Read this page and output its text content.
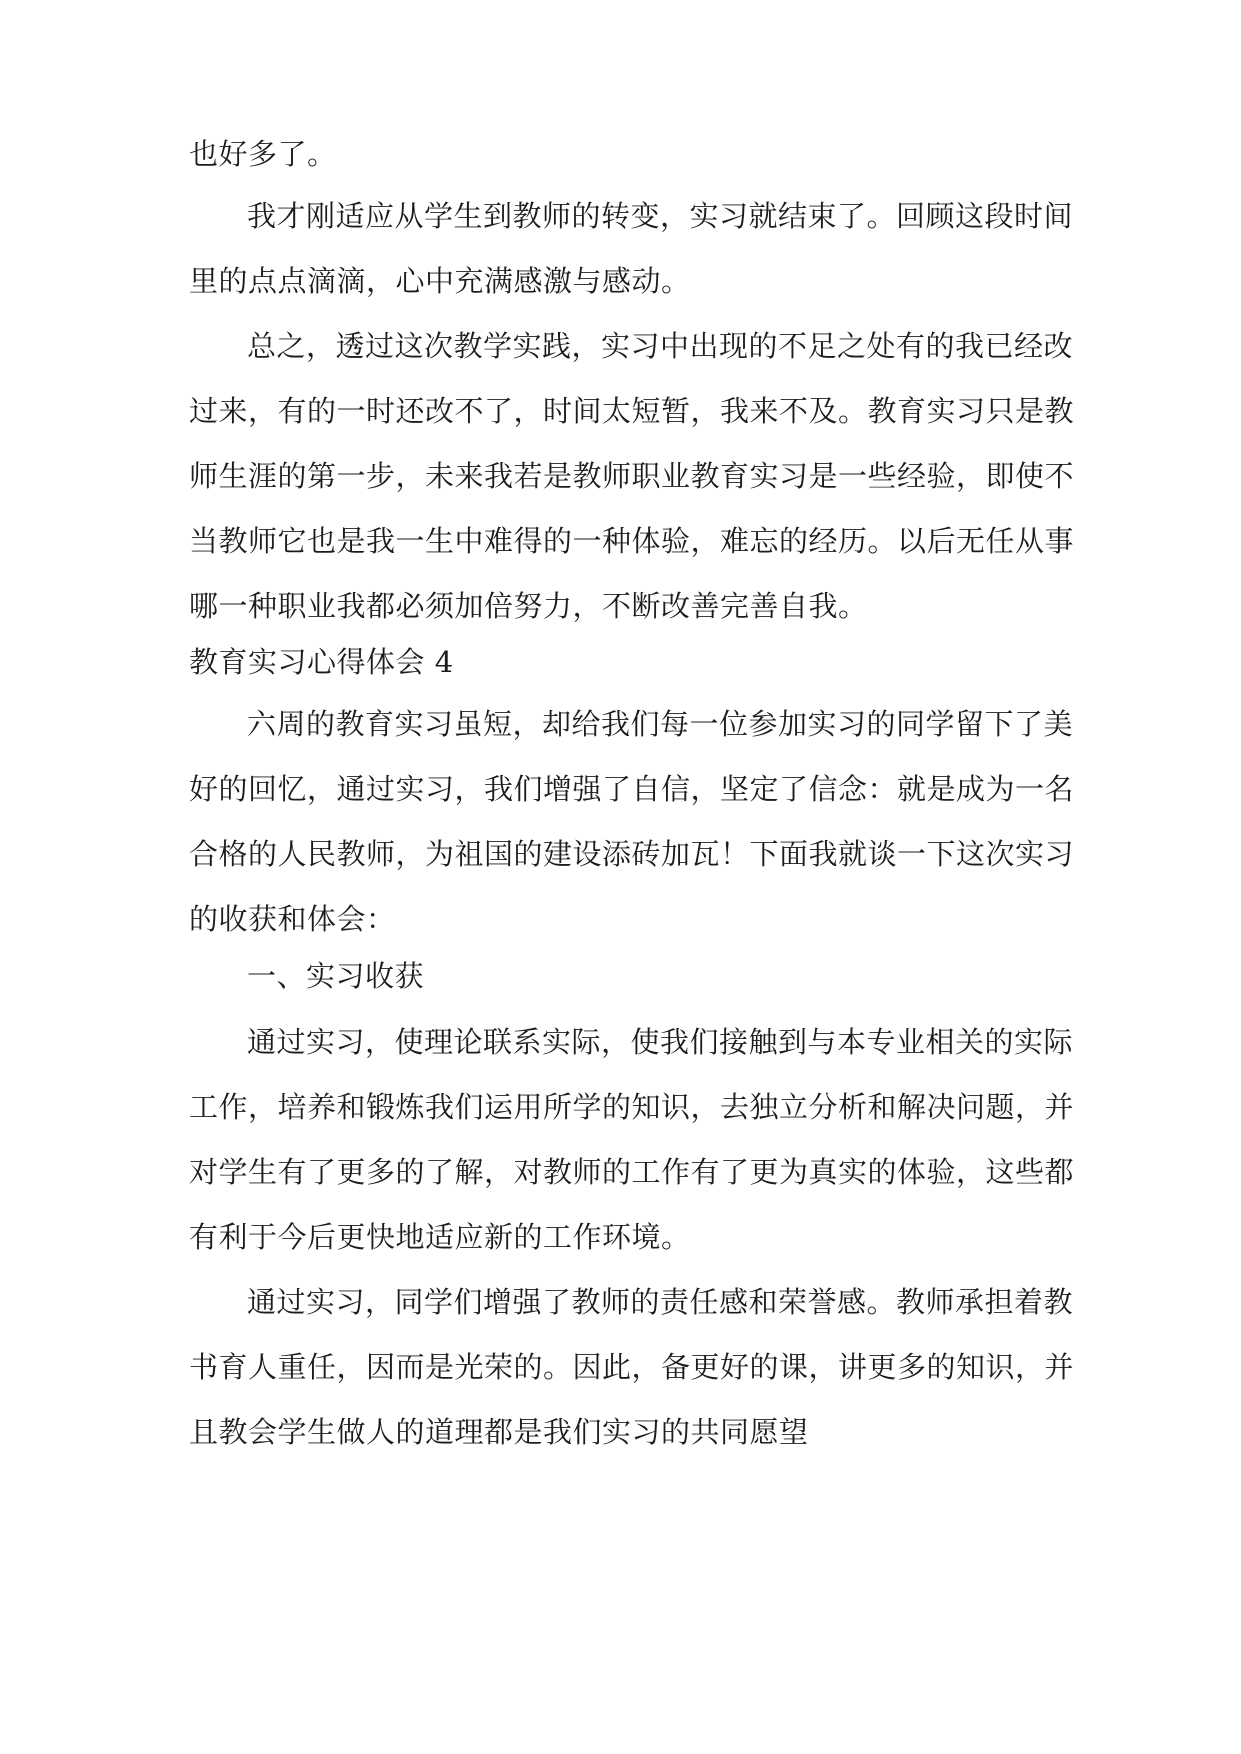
也好多了。
我才刚适应从学生到教师的转变，实习就结束了。回顾这段时间
里的点点滴滴，心中充满感激与感动。
总之，透过这次教学实践，实习中出现的不足之处有的我已经改
过来，有的一时还改不了，时间太短暂，我来不及。教育实习只是教
师生涯的第一步，未来我若是教师职业教育实习是一些经验，即使不
当教师它也是我一生中难得的一种体验，难忘的经历。以后无任从事
哪一种职业我都必须加倍努力，不断改善完善自我。
教育实习心得体会 4
六周的教育实习虽短，却给我们每一位参加实习的同学留下了美
好的回忆，通过实习，我们增强了自信，坚定了信念：就是成为一名
合格的人民教师，为祖国的建设添砖加瓦！下面我就谈一下这次实习
的收获和体会：
一、实习收获
通过实习，使理论联系实际，使我们接触到与本专业相关的实际
工作，培养和锻炼我们运用所学的知识，去独立分析和解决问题，并
对学生有了更多的了解，对教师的工作有了更为真实的体验，这些都
有利于今后更快地适应新的工作环境。
通过实习，同学们增强了教师的责任感和荣誉感。教师承担着教
书育人重任，因而是光荣的。因此，备更好的课，讲更多的知识，并
且教会学生做人的道理都是我们实习的共同愿望
